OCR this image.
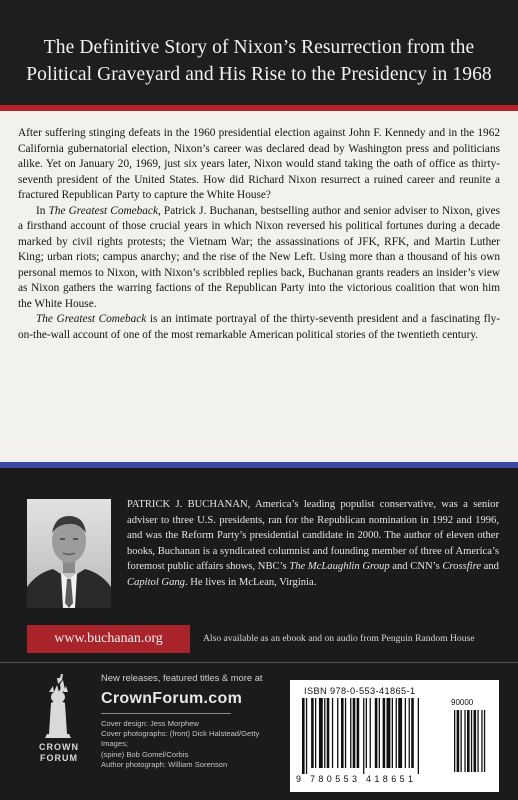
The Definitive Story of Nixon’s Resurrection from the
Political Graveyard and His Rise to the Presidency in 1968

After suffering stinging defeats in the 1960 presidential election against John F. Kennedy and in the 1962 California gubernatorial election, Nixon’s career was declared dead by Washington press and politicians alike. Yet on January 20, 1969, just six years later, Nixon would stand taking the oath of office as thirty-seventh president of the United States. How did Richard Nixon resurrect a ruined career and reunite a fractured Republican Party to capture the White House?

In The Greatest Comeback, Patrick J. Buchanan, bestselling author and senior adviser to Nixon, gives a firsthand account of those crucial years in which Nixon reversed his political fortunes during a decade marked by civil rights protests; the Vietnam War; the assassinations of JFK, RFK, and Martin Luther King; urban riots; campus anarchy; and the rise of the New Left. Using more than a thousand of his own personal memos to Nixon, with Nixon’s scribbled replies back, Buchanan grants readers an insider’s view as Nixon gathers the warring factions of the Republican Party into the victorious coalition that won him the White House.

The Greatest Comeback is an intimate portrayal of the thirty-seventh president and a fascinating fly-on-the-wall account of one of the most remarkable American political stories of the twentieth century.

PATRICK J. BUCHANAN, America’s leading populist conservative, was a senior adviser to three U.S. presidents, ran for the Republican nomination in 1992 and 1996, and was the Reform Party’s presidential candidate in 2000. The author of eleven other books, Buchanan is a syndicated columnist and founding member of three of America’s foremost public affairs shows, NBC’s The McLaughlin Group and CNN’s Crossfire and Capitol Gang. He lives in McLean, Virginia.

www.buchanan.org	Also available as an ebook and on audio from Penguin Random House
CROWN
FORUM
New releases, featured titles & more at
CrownForum.com
Cover design: Jess Morphew
Cover photographs: (front) Dick Halstead/Getty Images;
(spine) Bob Gomel/Corbis
Author photograph: William Sorenson
ISBN 978-0-553-41865-1
90000
9 780553 418651
